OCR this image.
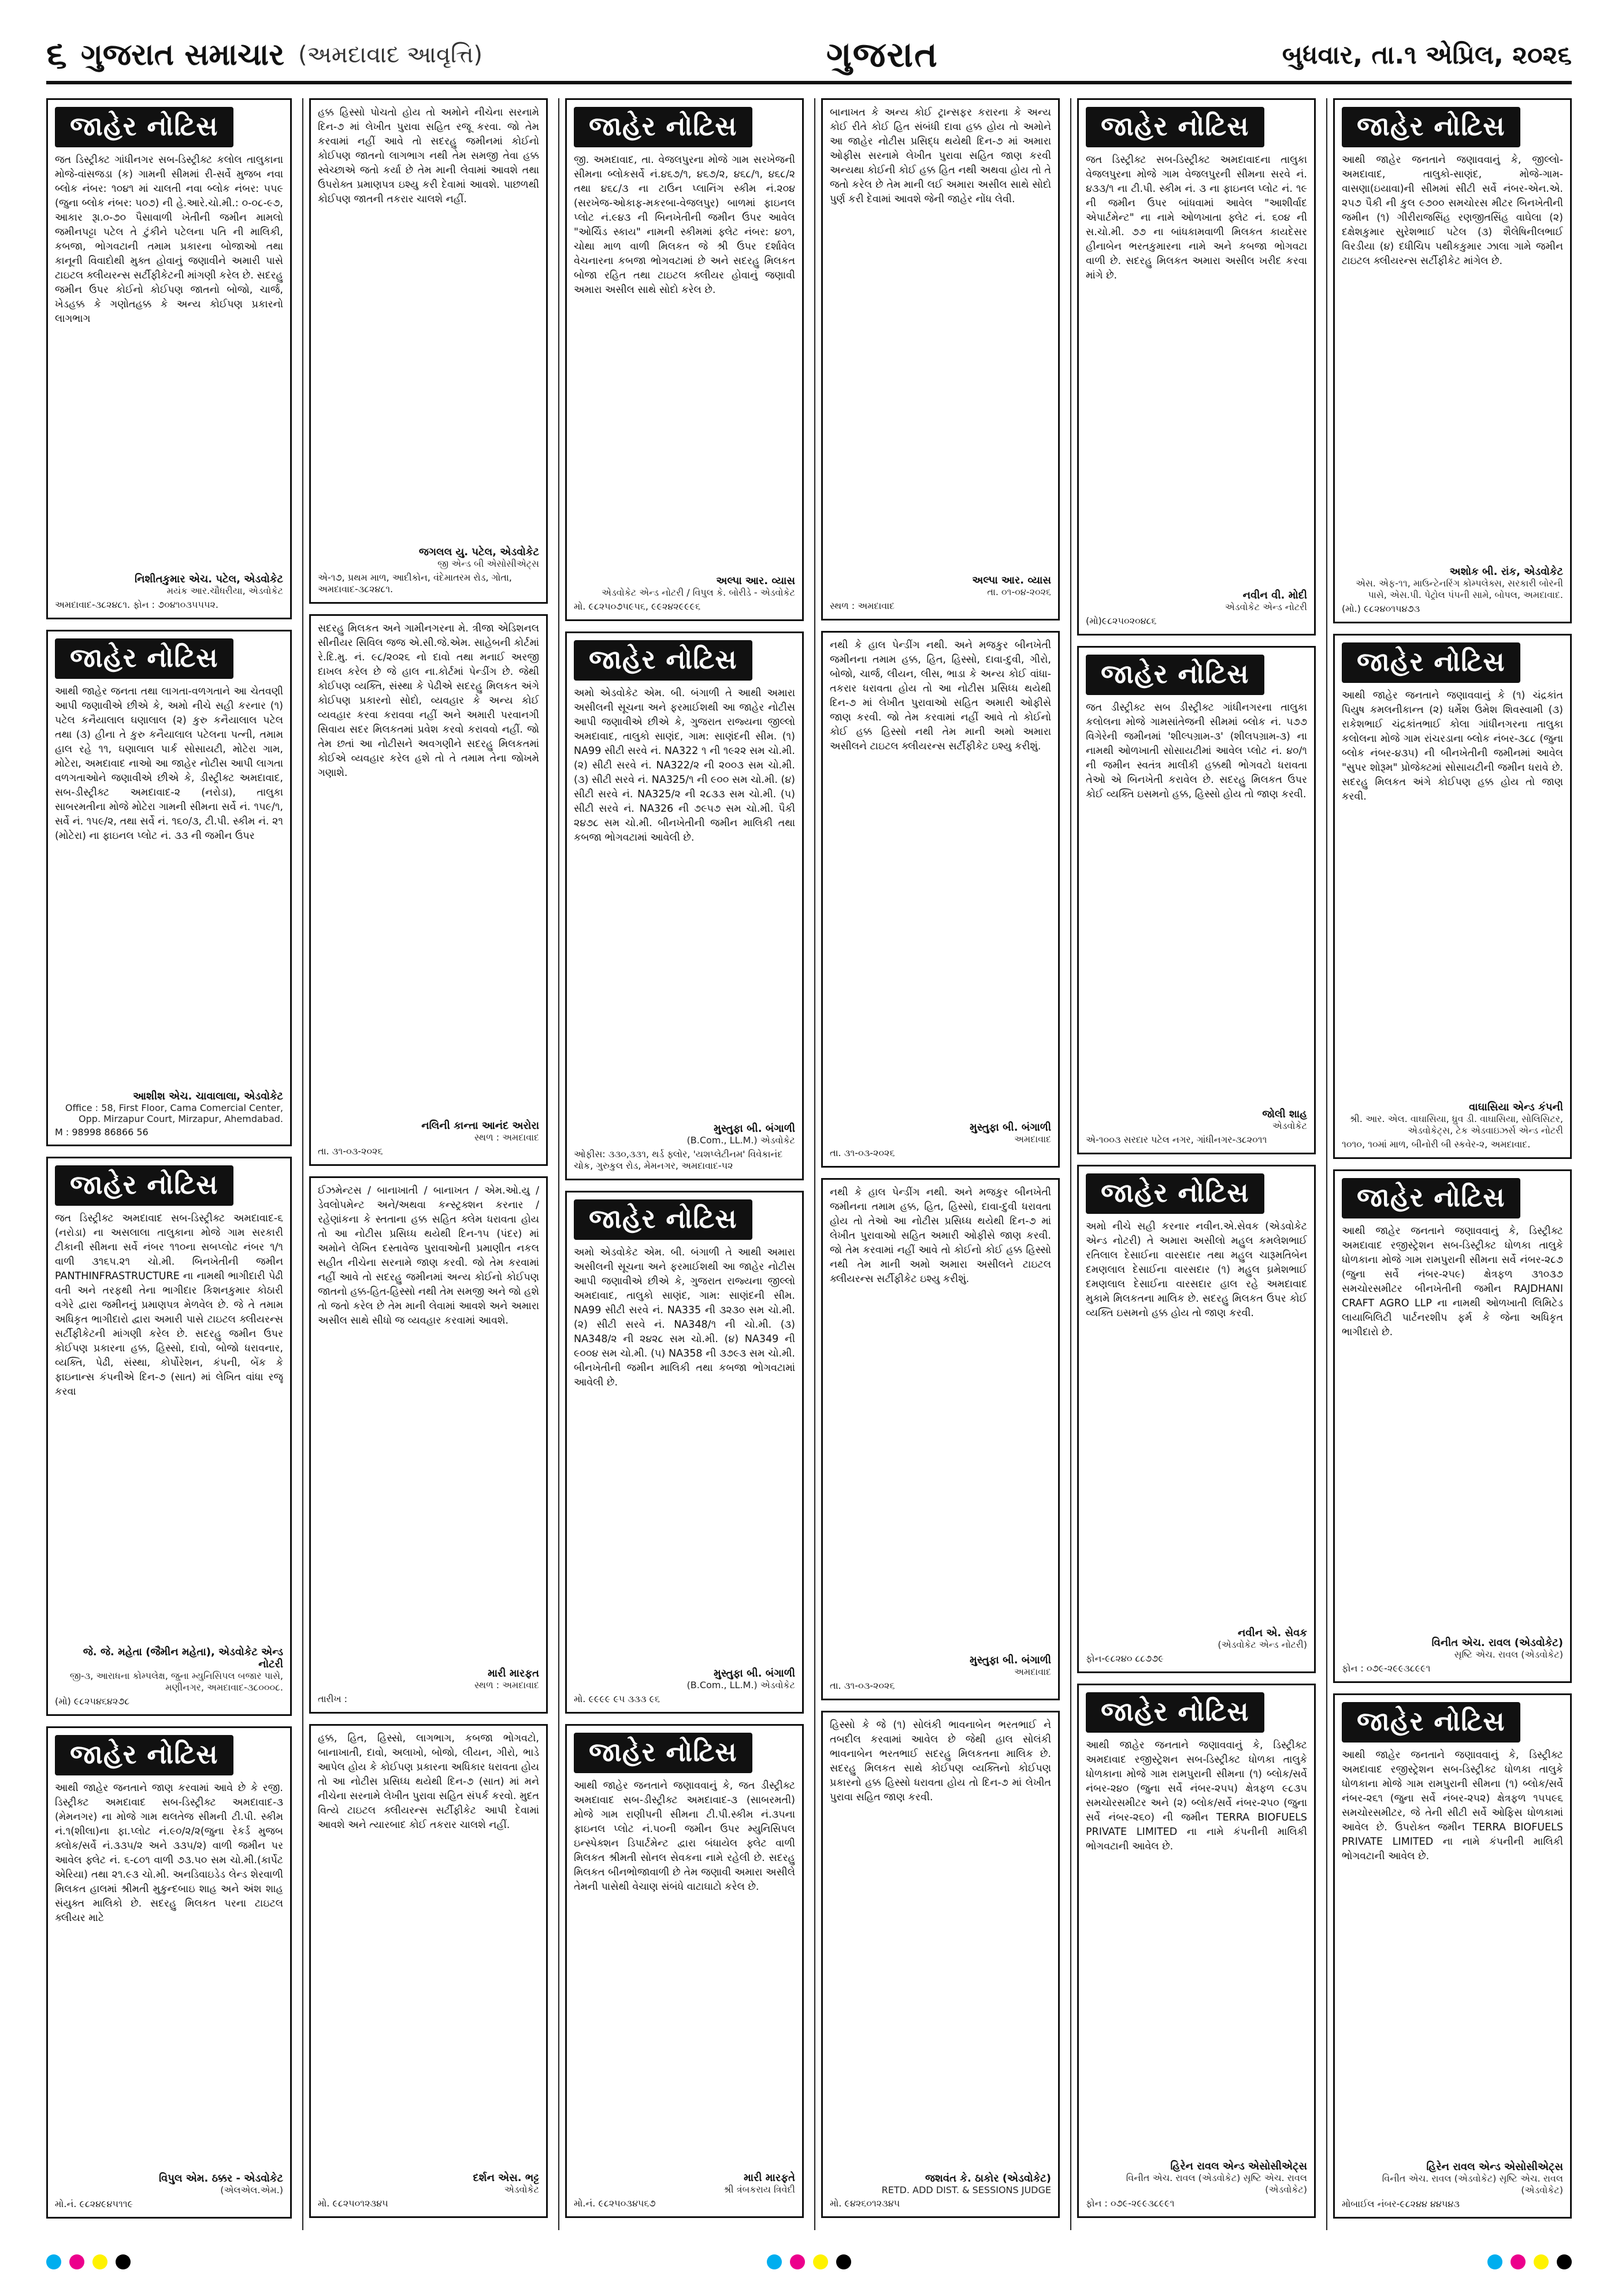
૬ ગુજરાત સમાચાર (અમદાવાદ આવૃત્તિ)	ગુજરાત	બુધવાર, તા.૧ એપ્રિલ, ૨૦૨૬
જાહેર નોટિસ
જત ડિસ્ટ્રીક્ટ ગાંધીનગર સબ-ડિસ્ટ્રીક્ટ કલોલ તાલુકાના મોજે-વાંસજડા (ક) ગામની સીમમાં રી-સર્વે મુજબ નવા બ્લોક નંબર: ૧૦૪૧ માં ચાલતી નવા બ્લોક નંબર: ૫૫૯ (જુના બ્લોક નંબર: ૫૦૭) ની હે.આરે.ચો.મી.: ૦-૦૮-૯૭, આકાર રૂા.૦-૭૦ પૈસાવાળી ખેતીની જમીન મામલો જમીનપટ્ટા પટેલ તે ટુંકીને પટેલના પતિ ની માલિકી, કબજા, ભોગવટાની તમામ પ્રકારના બોજાઓ તથા કાનૂની વિવાદોથી મુક્ત હોવાનું જણાવીને અમારી પાસે ટાઇટલ ક્લીયરન્સ સર્ટીફીકેટની માંગણી કરેલ છે. સદરહુ જમીન ઉપર કોઈનો કોઈપણ જાતનો બોજો, ચાર્જ, ખેડહક્ક કે ગણોતહક્ક કે અન્ય કોઈપણ પ્રકારનો લાગભાગ
નિશીતકુમાર એચ. પટેલ, એડવોકેટ
મયંક આર.ચૌધરીયા, એડવોકેટ
અમદાવાદ-૩૮૨૪૮૧. ફોન : ૭૦૪૧૦૩૫૫૫૨.
જાહેર નોટિસ
આથી જાહેર જનતા તથા લાગતા-વળગતાને આ ચેતવણી આપી જણાવીએ છીએ કે, અમો નીચે સહી કરનાર (૧) પટેલ કનૈયાલાલ ઘણાલાલ (૨) કુરુ કનૈયાલાલ પટેલ તથા (૩) હીના તે કુરુ કનૈયાલાલ પટેલના પત્ની, તમામ હાલ રહે ૧૧, ઘણાલાલ પાર્ક સોસાયટી, મોટેરા ગામ, મોટેરા, અમદાવાદ નાઓ આ જાહેર નોટીસ આપી લાગતા વળગતાઓને જણાવીએ છીએ કે, ડીસ્ટ્રીક્ટ અમદાવાદ, સબ-ડીસ્ટ્રીક્ટ અમદાવાદ-૨ (નરોડા), તાલુકા સાબરમતીના મોજે મોટેરા ગામની સીમના સર્વે નં. ૧૫૯/૧, સર્વે નં. ૧૫૯/૨, તથા સર્વે નં. ૧૬૦/૩, ટી.પી. સ્કીમ નં. ૨૧ (મોટેરા) ના ફાઇનલ પ્લોટ નં. ૩૩ ની જમીન ઉપર
આશીશ એચ. ચાવાલાલા, એડવોકેટ
Office : 58, First Floor, Cama Comercial Center, Opp. Mirzapur Court, Mirzapur, Ahemdabad.
M : 98998 86866 56
જાહેર નોટિસ
જત ડિસ્ટ્રીક્ટ અમદાવાદ સબ-ડિસ્ટ્રીક્ટ અમદાવાદ-૬ (નરોડા) ના અસલાલા તાલુકાના મોજે ગામ સરકારી ટીકાની સીમના સર્વે નંબર ૧૧૦ના સબપ્લોટ નંબર ૧/૧ વાળી ૩૧૬૫.૨૧ ચો.મી. બિનખેતીની જમીન PANTHINFRASTRUCTURE ના નામથી ભાગીદારી પેઢી વતી અને તરફથી તેના ભાગીદાર કિશનકુમાર કોઠારી વગેરે દ્વારા જમીનનું પ્રમાણપત્ર મેળવેલ છે. જે તે તમામ અધિકૃત ભાગીદારો દ્વારા અમારી પાસે ટાઇટલ ક્લીયરન્સ સર્ટીફીકેટની માંગણી કરેલ છે. સદરહુ જમીન ઉપર કોઈપણ પ્રકારના હક્ક, હિસ્સો, દાવો, બોજો ધરાવનાર, વ્યક્તિ, પેઢી, સંસ્થા, કોર્પોરેશન, કંપની, બેંક કે ફાઇનાન્સ કંપનીએ દિન-૭ (સાત) માં લેખિત વાંધા રજૂ કરવા
જે. જે. મહેતા (જૈમીન મહેતા), એડવોકેટ એન્ડ નોટરી
જી-૩, આરાધના કોમ્પલેક્ષ, જુના મ્યુનિસિપલ બજાર પાસે, મણીનગર, અમદાવાદ-૩૮૦૦૦૮.
(મો) ૯૮૨૫૪૬૪૨૭૮
જાહેર નોટિસ
આથી જાહેર જનતાને જાણ કરવામાં આવે છે કે રજી. ડિસ્ટ્રીક્ટ અમદાવાદ સબ-ડિસ્ટ્રીક્ટ અમદાવાદ-૩ (મેમનગર) ના મોજે ગામ થલતેજ સીમની ટી.પી. સ્કીમ નં.૧(શીલા)ના ફા.પ્લોટ નં.૯૦/૨/૨(જુના રેકર્ડ મુજબ ક્લોક/સર્વે નં.૩૩૫/૨ અને ૩૩૫/૨) વાળી જમીન પર આવેલ ફ્લેટ નં. ૬-૮૦૧ વાળી ૭૩.૫૦ સમ ચો.મી.(કાર્પેટ એરિયા) તથા ૨૧.૯૩ ચો.મી. અનડિવાઇડેડ લેન્ડ શેરવાળી મિલકત હાલમાં શ્રીમતી મુકુન્દબાઇ શાહ અને અંશ શાહ સંયુક્ત માલિકો છે. સદરહુ મિલકત પરના ટાઇટલ ક્લીયર માટે
વિપુલ એમ. ઠક્કર - એડવોકેટ
(એલએલ.એમ.)
મો.નં. ૯૮૨૪૯૪૫૧૧૯
હક્ક હિસ્સો પોચતો હોય તો અમોને નીચેના સરનામે દિન-૭ માં લેખીત પુરાવા સહિત રજૂ કરવા. જો તેમ કરવામાં નહીં આવે તો સદરહુ જમીનમાં કોઈનો કોઈપણ જાતનો લાગભાગ નથી તેમ સમજી તેવા હક્ક સ્વેચ્છાએ જતો કર્યા છે તેમ માની લેવામાં આવશે તથા ઉપરોક્ત પ્રમાણપત્ર ઇશ્યુ કરી દેવામાં આવશે. પાછળથી કોઈપણ જાતની તકરાર ચાલશે નહીં.
જગલલ યુ. પટેલ, એડવોકેટ
જી એન્ડ બી એસોસીએટ્સ
એ-૧૭, પ્રથમ માળ, આદીકોન, વંદેમાતરમ રોડ, ગોતા, અમદાવાદ-૩૮૨૪૮૧.
સદરહુ મિલકત અને ગામીનગરના મે. ત્રીજા એડિશનલ સીનીયર સિવિલ જજ એ.સી.જે.એમ. સાહેબની કોર્ટમાં રે.દિ.મુ. નં. ૯૮/૨૦૨૬ નો દાવો તથા મનાઈ અરજી દાખલ કરેલ છે જે હાલ ના.કોર્ટમાં પેન્ડીંગ છે. જેથી કોઈપણ વ્યક્તિ, સંસ્થા કે પેઢીએ સદરહુ મિલકત અંગે કોઈપણ પ્રકારનો સોદો, વ્યવહાર કે અન્ય કોઈ વ્યવહાર કરવા કરાવવા નહીં અને અમારી પરવાનગી સિવાય સદર મિલકતમાં પ્રવેશ કરવો કરાવવો નહીં. જો તેમ છતાં આ નોટીસને અવગણીને સદરહુ મિલકતમાં કોઈએ વ્યવહાર કરેલ હશે તો તે તમામ તેના જોખમે ગણાશે.
નલિની કાન્તા આનંદ અરોરા
સ્થળ : અમદાવાદ
તા. ૩૧-૦૩-૨૦૨૬
ઈઝમેન્ટસ / બાનાખાતી / બાનાખત / એમ.ઓ.યુ / ડેવલોપમેન્ટ અને/અથવા કન્સ્ટ્રક્શન કરનાર / રહેણાંકના કે સ્તતાના હક્ક સહિત ક્લેમ ધરાવતા હોય તો આ નોટીસ પ્રસિધ્ધ થયેથી દિન-૧૫ (પંદર) માં અમોને લેખિત દસ્તાવેજ પુરાવાઓની પ્રમાણીત નકલ સહીત નીચેના સરનામે જાણ કરવી. જો તેમ કરવામાં નહીં આવે તો સદરહુ જમીનમાં અન્ય કોઈનો કોઈપણ જાતનો હક્ક-હિત-હિસ્સો નથી તેમ સમજી અને જો હશે તો જતો કરેલ છે તેમ માની લેવામાં આવશે અને અમારા અસીલ સાથે સીધો જ વ્યવહાર કરવામાં આવશે.
મારી મારફત
સ્થળ : અમદાવાદ
તારીખ :
હક્ક, હિત, હિસ્સો, લાગભાગ, કબજા ભોગવટો, બાનાખાતી, દાવો, અલાખો, બોજો, લીયન, ગીરો, ભાડે આપેલ હોય કે કોઈપણ પ્રકારના અધિકાર ધરાવતા હોય તો આ નોટીસ પ્રસિધ્ધ થયેથી દિન-૭ (સાત) માં મને નીચેના સરનામે લેખીત પુરાવા સહિત સંપર્ક કરવો. મુદત વિત્યે ટાઇટલ ક્લીયરન્સ સર્ટીફીકેટ આપી દેવામાં આવશે અને ત્યારબાદ કોઈ તકરાર ચાલશે નહીં.
દર્શન એસ. ભટ્ટ
એડવોકેટ
મો. ૯૮૨૫૦૧૨૩૪૫
જાહેર નોટિસ
જી. અમદાવાદ, તા. વેજલપુરના મોજે ગામ સરખેજની સીમના બ્લોકસર્વે નં.૪૬૭/૧, ૪૬૭/૨, ૪૬૮/૧, ૪૬૮/૨ તથા ૪૬૮/૩ ના ટાઉન પ્લાનિંગ સ્કીમ નં.૨૦૪ (સરખેજ-ઓકાફ-મકરબા-વેજલપુર) બાળમાં ફાઇનલ પ્લોટ નં.૯૪૩ ની બિનખેતીની જમીન ઉપર આવેલ "ઓર્ચિડ સ્કાય" નામની સ્કીમમાં ફ્લેટ નંબર: ૪૦૧, ચોથા માળ વાળી મિલકત જે શ્રી ઉપર દર્શાવેલ વેચનારના કબજા ભોગવટામાં છે અને સદરહુ મિલકત બોજા રહિત તથા ટાઇટલ ક્લીયર હોવાનું જણાવી અમારા અસીલ સાથે સોદો કરેલ છે.
અલ્પા આર. વ્યાસ
એડવોકેટ એન્ડ નોટરી / વિપુલ કે. બોરીડે - એડવોકેટ
મો. ૯૮૨૫૦૭૫૯૫૬, ૯૯૨૪૨૯૯૯૬
જાહેર નોટિસ
અમો એડવોકેટ એમ. બી. બંગાળી તે આથી અમારા અસીલની સૂચના અને ફરમાઈશથી આ જાહેર નોટીસ આપી જણાવીએ છીએ કે, ગુજરાત રાજ્યના જીલ્લો અમદાવાદ, તાલુકો સાણંદ, ગામ: સાણંદની સીમ. (૧) NA99 સીટી સરવે નં. NA322 ૧ ની ૧૯૨૨ સમ ચો.મી. (૨) સીટી સરવે નં. NA322/૨ ની ૨૦૦૩ સમ ચો.મી. (૩) સીટી સરવે નં. NA325/૧ ની ૯૦૦ સમ ચો.મી. (૪) સીટી સરવે નં. NA325/૨ ની ૨૮૩૩ સમ ચો.મી. (૫) સીટી સરવે નં. NA326 ની ૭૯૫૭ સમ ચો.મી. પૈકી ૨૪૭૮ સમ ચો.મી. બીનખેતીની જમીન માલિકી તથા કબજા ભોગવટામાં આવેલી છે.
મુસ્તુફા બી. બંગાળી
(B.Com., LL.M.) એડવોકેટ
ઓફીસ: ૩૩૦,૩૩૧, થર્ડ ફ્લોર, 'યશપ્લેટીનમ' વિવેકાનંદ ચોક, ગુરુકુલ રોડ, મેમનગર, અમદાવાદ-૫૨
જાહેર નોટિસ
અમો એડવોકેટ એમ. બી. બંગાળી તે આથી અમારા અસીલની સૂચના અને ફરમાઈશથી આ જાહેર નોટીસ આપી જણાવીએ છીએ કે, ગુજરાત રાજ્યના જીલ્લો અમદાવાદ, તાલુકો સાણંદ, ગામ: સાણંદની સીમ. NA99 સીટી સરવે નં. NA335 ની ૩૨૩૦ સમ ચો.મી. (૨) સીટી સરવે નં. NA348/૧ ની ચો.મી. (૩) NA348/૨ ની ૨૪૨૮ સમ ચો.મી. (૪) NA349 ની ૯૦૦૪ સમ ચો.મી. (૫) NA358 ની ૩૭૯૩ સમ ચો.મી. બીનખેતીની જમીન માલિકી તથા કબજા ભોગવટામાં આવેલી છે.
મુસ્તુફા બી. બંગાળી
(B.Com., LL.M.) એડવોકેટ
મો. ૯૯૯૯ ૯૫ ૩૩૩ ૯૬
જાહેર નોટિસ
આથી જાહેર જનતાને જણાવવાનું કે, જત ડીસ્ટ્રીક્ટ અમદાવાદ સબ-ડીસ્ટ્રીક્ટ અમદાવાદ-૩ (સાબરમતી) મોજે ગામ રાણીપની સીમના ટી.પી.સ્કીમ નં.૩૫ના ફાઇનલ પ્લોટ નં.૫૦ની જમીન ઉપર મ્યુનિસિપલ ઇન્સ્પેક્શન ડિપાર્ટમેન્ટ દ્વારા બંધાયેલ ફ્લેટ વાળી મિલકત શ્રીમતી સોનલ સેવકના નામે રહેલી છે. સદરહુ મિલકત બીનભોજાવાળી છે તેમ જણાવી અમારા અસીલે તેમની પાસેથી વેચાણ સંબંધે વાટાઘાટો કરેલ છે.
મારી મારફતે
શ્રી ત્રંબકરાય ત્રિવેદી
મો.નં. ૯૮૨૫૦૩૪૫૬૭
બાનાખત કે અન્ય કોઈ ટ્રાન્સફર કરારના કે અન્ય કોઈ રીતે કોઈ હિત સંબંધી દાવા હક્ક હોય તો અમોને આ જાહેર નોટીસ પ્રસિદ્ધ થયેથી દિન-૭ માં અમારા ઓફીસ સરનામે લેખીત પુરાવા સહિત જાણ કરવી અન્યથા કોઈની કોઈ હક્ક હિત નથી અથવા હોય તો તે જતો કરેલ છે તેમ માની લઈ અમારા અસીલ સાથે સોદો પુર્ણ કરી દેવામાં આવશે જેની જાહેર નોંધ લેવી.
અલ્પા આર. વ્યાસ
તા. ૦૧-૦૪-૨૦૨૬
સ્થળ : અમદાવાદ
નથી કે હાલ પેન્ડીંગ નથી. અને મજકુર બીનખેતી જમીનના તમામ હક્ક, હિત, હિસ્સો, દાવા-દુવી, ગીરો, બોજો, ચાર્જ, લીયન, લીસ, ભાડા કે અન્ય કોઈ વાંધા-તકરાર ધરાવતા હોય તો આ નોટીસ પ્રસિધ્ધ થયેથી દિન-૭ માં લેખીત પુરાવાઓ સહિત અમારી ઓફીસે જાણ કરવી. જો તેમ કરવામાં નહીં આવે તો કોઈનો કોઈ હક્ક હિસ્સો નથી તેમ માની અમો અમારા અસીલને ટાઇટલ ક્લીયરન્સ સર્ટીફીકેટ ઇશ્યુ કરીશું.
મુસ્તુફા બી. બંગાળી
અમદાવાદ
તા. ૩૧-૦૩-૨૦૨૬
નથી કે હાલ પેન્ડીંગ નથી. અને મજકુર બીનખેતી જમીનના તમામ હક્ક, હિત, હિસ્સો, દાવા-દુવી ધરાવતા હોય તો તેઓ આ નોટીસ પ્રસિધ્ધ થયેથી દિન-૭ માં લેખીત પુરાવાઓ સહિત અમારી ઓફીસે જાણ કરવી. જો તેમ કરવામાં નહીં આવે તો કોઈનો કોઈ હક્ક હિસ્સો નથી તેમ માની અમો અમારા અસીલને ટાઇટલ ક્લીયરન્સ સર્ટીફીકેટ ઇશ્યુ કરીશું.
મુસ્તુફા બી. બંગાળી
અમદાવાદ
તા. ૩૧-૦૩-૨૦૨૬
હિસ્સો કે જે (૧) સોલંકી ભાવનાબેન ભરતભાઈ ને તબદીલ કરવામાં આવેલ છે જેથી હાલ સોલંકી ભાવનાબેન ભરતભાઈ સદરહુ મિલકતના માલિક છે. સદરહુ મિલકત સાથે કોઈપણ વ્યક્તિનો કોઈપણ પ્રકારનો હક્ક હિસ્સો ધરાવતા હોય તો દિન-૭ માં લેખીત પુરાવા સહિત જાણ કરવી.
જશવંત કે. ઠાકોર (એડવોકેટ)
RETD. ADD DIST. & SESSIONS JUDGE
મો. ૯૪૨૬૦૧૨૩૪૫
જાહેર નોટિસ
જત ડિસ્ટ્રીક્ટ સબ-ડિસ્ટ્રીક્ટ અમદાવાદના તાલુકા વેજલપુરના મોજે ગામ વેજલપુરની સીમના સરવે નં. ૪૩૩/૧ ના ટી.પી. સ્કીમ નં. ૩ ના ફાઇનલ પ્લોટ નં. ૧૯ ની જમીન ઉપર બાંધવામાં આવેલ "આશીર્વાદ એપાર્ટમેન્ટ" ના નામે ઓળખાતા ફ્લેટ નં. ૬૦૪ ની સ.ચો.મી. ૭૭ ના બાંધકામવાળી મિલકત કાયદેસર હીનાબેન ભરતકુમારના નામે અને કબજા ભોગવટા વાળી છે. સદરહુ મિલકત અમારા અસીલ ખરીદ કરવા માંગે છે.
નવીન વી. મોદી
એડવોકેટ એન્ડ નોટરી
(મો)૯૮૨૫૦૨૦૪૮૬
જાહેર નોટિસ
જત ડીસ્ટ્રીક્ટ સબ ડીસ્ટ્રીક્ટ ગાંધીનગરના તાલુકા કલોલના મોજે ગામસાંતેજની સીમમાં બ્લોક નં. ૫૭૭ વિગેરેની જમીનમાં 'શીલ્પગ્રામ-૩' (શીલપગ્રામ-૩) ના નામથી ઓળખાતી સોસાયટીમાં આવેલ પ્લોટ નં. ૪૦/૧ ની જમીન સ્વતંત્ર માલીકી હક્કથી ભોગવટો ધરાવતા તેઓ એ બિનખેતી કરાવેલ છે. સદરહુ મિલકત ઉપર કોઈ વ્યક્તિ ઇસમનો હક્ક, હિસ્સો હોય તો જાણ કરવી.
જોલી શાહ
એડવોકેટ
એ-૧૦૦૩ સરદાર પટેલ નગર, ગાંધીનગર-૩૮૨૦૧૧
જાહેર નોટિસ
અમો નીચે સહી કરનાર નવીન.એ.સેવક (એડવોકેટ એન્ડ નોટરી) તે અમારા અસીલો મહુલ કમલેશભાઈ રતિલાલ દેસાઈના વારસદાર તથા મહુલ ચારૂમતિબેન દમણલાલ દેસાઈના વારસદાર (૧) મહુલ ઘ્રમેશભાઈ દમણલાલ દેસાઈના વારસદાર હાલ રહે અમદાવાદ મુકામે મિલકતના માલિક છે. સદરહુ મિલકત ઉપર કોઈ વ્યક્તિ ઇસમનો હક્ક હોય તો જાણ કરવી.
નવીન એ. સેવક
(એડવોકેટ એન્ડ નોટરી)
ફોન-૯૮૨૪૦ ૮૮૭૭૯
જાહેર નોટિસ
આથી જાહેર જનતાને જણાવવાનું કે, ડિસ્ટ્રીક્ટ અમદાવાદ રજીસ્ટ્રેશન સબ-ડિસ્ટ્રીક્ટ ધોળકા તાલુકે ધોળકાના મોજે ગામ રામપુરાની સીમના (૧) બ્લોક/સર્વે નંબર-૨૪૦ (જુના સર્વે નંબર-૨૫૫) ક્ષેત્રફળ ૯૮૩૫ સમચોરસમીટર અને (૨) બ્લોક/સર્વે નંબર-૨૫૦ (જુના સર્વે નંબર-૨૬૦) ની જમીન TERRA BIOFUELS PRIVATE LIMITED ના નામે કંપનીની માલિકી ભોગવટાની આવેલ છે.
હિરેન રાવલ એન્ડ એસોસીએટ્સ
વિનીત એચ. રાવલ (એડવોકેટ) સૃષ્ટિ એચ. રાવલ (એડવોકેટ)
ફોન : ૦૭૯-૨૯૯૩૮૯૯૧
જાહેર નોટિસ
આથી જાહેર જનતાને જણાવવાનું કે, જીલ્લો-અમદાવાદ, તાલુકો-સાણંદ, મોજે-ગામ-વાસણા(ઇયાવા)ની સીમમાં સીટી સર્વે નંબર-એન.એ. ૨૫૭ પૈકી ની કુલ ૯૭૦૦ સમચોરસ મીટર બિનખેતીની જમીન (૧) ગીરીરાજસિંહ રણજીતસિંહ વાઘેલા (૨) દક્ષેશકુમાર સુરેશભાઈ પટેલ (૩) શૈલેષિનીલભાઈ વિરડીયા (૪) દધીચિપ પથીકકુમાર ઝાલા ગામે જમીન ટાઇટલ ક્લીયરન્સ સર્ટીફીકેટ માંગેલ છે.
અશોક બી. રાંક, એડવોકેટ
એસ. એફ-૧૧, માઉન્ટેનરિંગ કોમ્પલેક્સ, સરકારી બોરની પાસે, એસ.પી. પેટ્રોલ પંપની સામે, બોપલ, અમદાવાદ.
(મો.) ૯૮૨૪૦૧૫૪૭૩
જાહેર નોટિસ
આથી જાહેર જનતાને જણાવવાનું કે (૧) ચંદ્રકાંત પિયુષ કમલનીકાન્ત (૨) ધર્મેશ ઉમેશ શિવસ્વામી (૩) રાકેશભાઈ ચંદ્રકાંતભાઈ કોલા ગાંધીનગરના તાલુકા કલોલના મોજે ગામ રાંચરડાના બ્લોક નંબર-૩૮૮ (જુના બ્લોક નંબર-૪૩૫) ની બીનખેતીની જમીનમાં આવેલ "સુપર શોરૂમ" પ્રોજેક્ટમાં સોસાયટીની જમીન ધરાવે છે. સદરહુ મિલકત અંગે કોઈપણ હક્ક હોય તો જાણ કરવી.
વાઘાસિયા એન્ડ કંપની
શ્રી. આર. એલ. વાઘાસિયા, ધ્રુવ ડી. વાઘાસિયા, સોલિસિટર, એડવોકેટ્સ, ટેક એડવાઇઝર્સ એન્ડ નોટરી
૧૦૧૦, ૧૦માં માળ, બીનોરી બી સ્કવેર-૨, અમદાવાદ.
જાહેર નોટિસ
આથી જાહેર જનતાને જણાવવાનું કે, ડિસ્ટ્રીક્ટ અમદાવાદ રજીસ્ટ્રેશન સબ-ડિસ્ટ્રીક્ટ ધોળકા તાલુકે ધોળકાના મોજે ગામ રામપુરાની સીમના સર્વે નંબર-૨૮૭ (જુના સર્વે નંબર-૨૫૯) ક્ષેત્રફળ ૩૧૦૩૭ સમચોરસમીટર બીનખેતીની જમીન RAJDHANI CRAFT AGRO LLP ના નામથી ઓળખાતી લિમિટેડ લાયાબિલિટી પાર્ટનરશીપ ફર્મ કે જેના અધિકૃત ભાગીદારો છે.
વિનીત એચ. રાવલ (એડવોકેટ)
સૃષ્ટિ એચ. રાવલ (એડવોકેટ)
ફોન : ૦૭૯-૨૯૯૩૮૯૯૧
જાહેર નોટિસ
આથી જાહેર જનતાને જણાવવાનું કે, ડિસ્ટ્રીક્ટ અમદાવાદ રજીસ્ટ્રેશન સબ-ડિસ્ટ્રીક્ટ ધોળકા તાલુકે ધોળકાના મોજે ગામ રામપુરાની સીમના (૧) બ્લોક/સર્વે નંબર-૨૬૧ (જુના સર્વે નંબર-૨૫૨) ક્ષેત્રફળ ૧૫૫૯૬ સમચોરસમીટર, જે તેની સીટી સર્વે ઓફિસ ધોળકામાં આવેલ છે. ઉપરોક્ત જમીન TERRA BIOFUELS PRIVATE LIMITED ના નામે કંપનીની માલિકી ભોગવટાની આવેલ છે.
હિરેન રાવલ એન્ડ એસોસીએટ્સ
વિનીત એચ. રાવલ (એડવોકેટ) સૃષ્ટિ એચ. રાવલ (એડવોકેટ)
મોબાઈલ નંબર-૯૮૨૪૪ ૪૪૫૪૩
